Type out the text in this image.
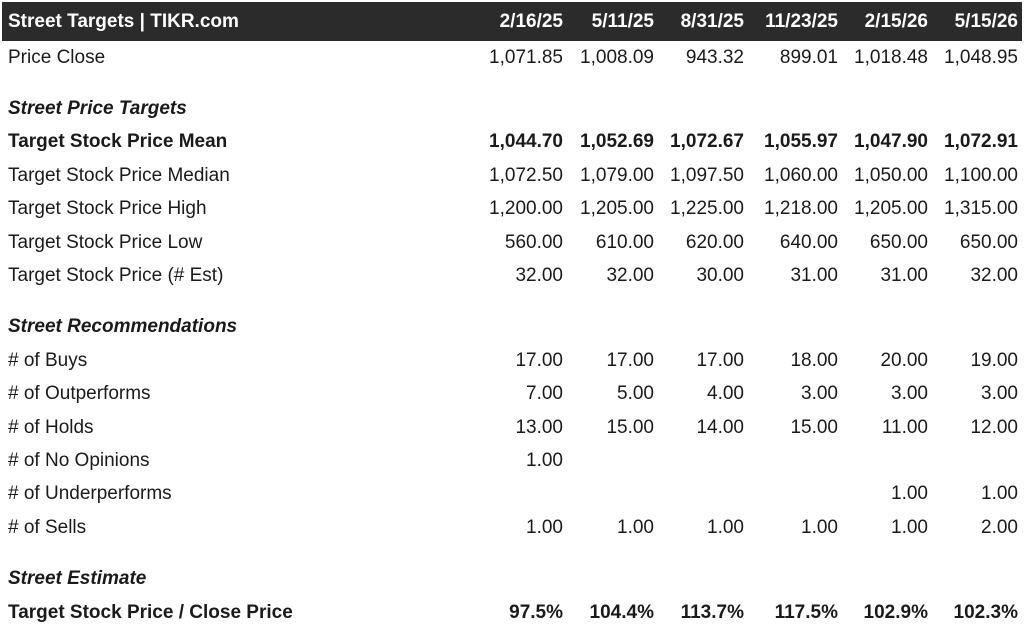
Street Targets | TIKR.com	2/16/25	5/11/25	8/31/25	11/23/25	2/15/26	5/15/26
Price Close	1,071.85	1,008.09	943.32	899.01	1,018.48	1,048.95

Street Price Targets						
Target Stock Price Mean	1,044.70	1,052.69	1,072.67	1,055.97	1,047.90	1,072.91
Target Stock Price Median	1,072.50	1,079.00	1,097.50	1,060.00	1,050.00	1,100.00
Target Stock Price High	1,200.00	1,205.00	1,225.00	1,218.00	1,205.00	1,315.00
Target Stock Price Low	560.00	610.00	620.00	640.00	650.00	650.00
Target Stock Price (# Est)	32.00	32.00	30.00	31.00	31.00	32.00

Street Recommendations						
# of Buys	17.00	17.00	17.00	18.00	20.00	19.00
# of Outperforms	7.00	5.00	4.00	3.00	3.00	3.00
# of Holds	13.00	15.00	14.00	15.00	11.00	12.00
# of No Opinions	1.00					
# of Underperforms					1.00	1.00
# of Sells	1.00	1.00	1.00	1.00	1.00	2.00

Street Estimate						
Target Stock Price / Close Price	97.5%	104.4%	113.7%	117.5%	102.9%	102.3%
